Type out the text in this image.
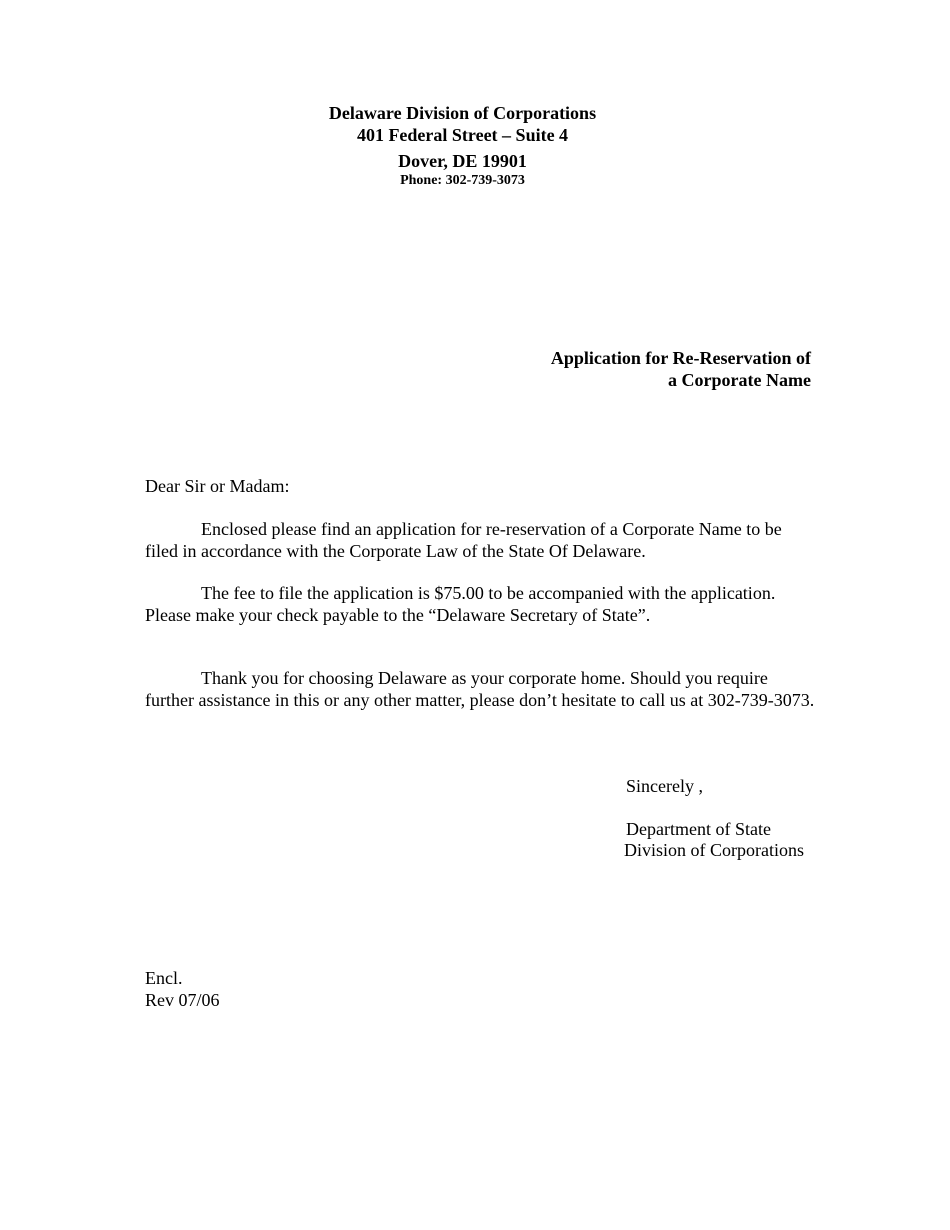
Delaware Division of Corporations
401 Federal Street – Suite 4
Dover, DE 19901
Phone: 302-739-3073
Application for Re-Reservation of
a Corporate Name
Dear Sir or Madam:
Enclosed please find an application for re-reservation of a Corporate Name to be
filed in accordance with the Corporate Law of the State Of Delaware.
The fee to file the application is $75.00 to be accompanied with the application.
Please make your check payable to the “Delaware Secretary of State”.
Thank you for choosing Delaware as your corporate home. Should you require
further assistance in this or any other matter, please don’t hesitate to call us at 302-739-3073.
Sincerely ,
Department of State
Division of Corporations
Encl.
Rev 07/06
